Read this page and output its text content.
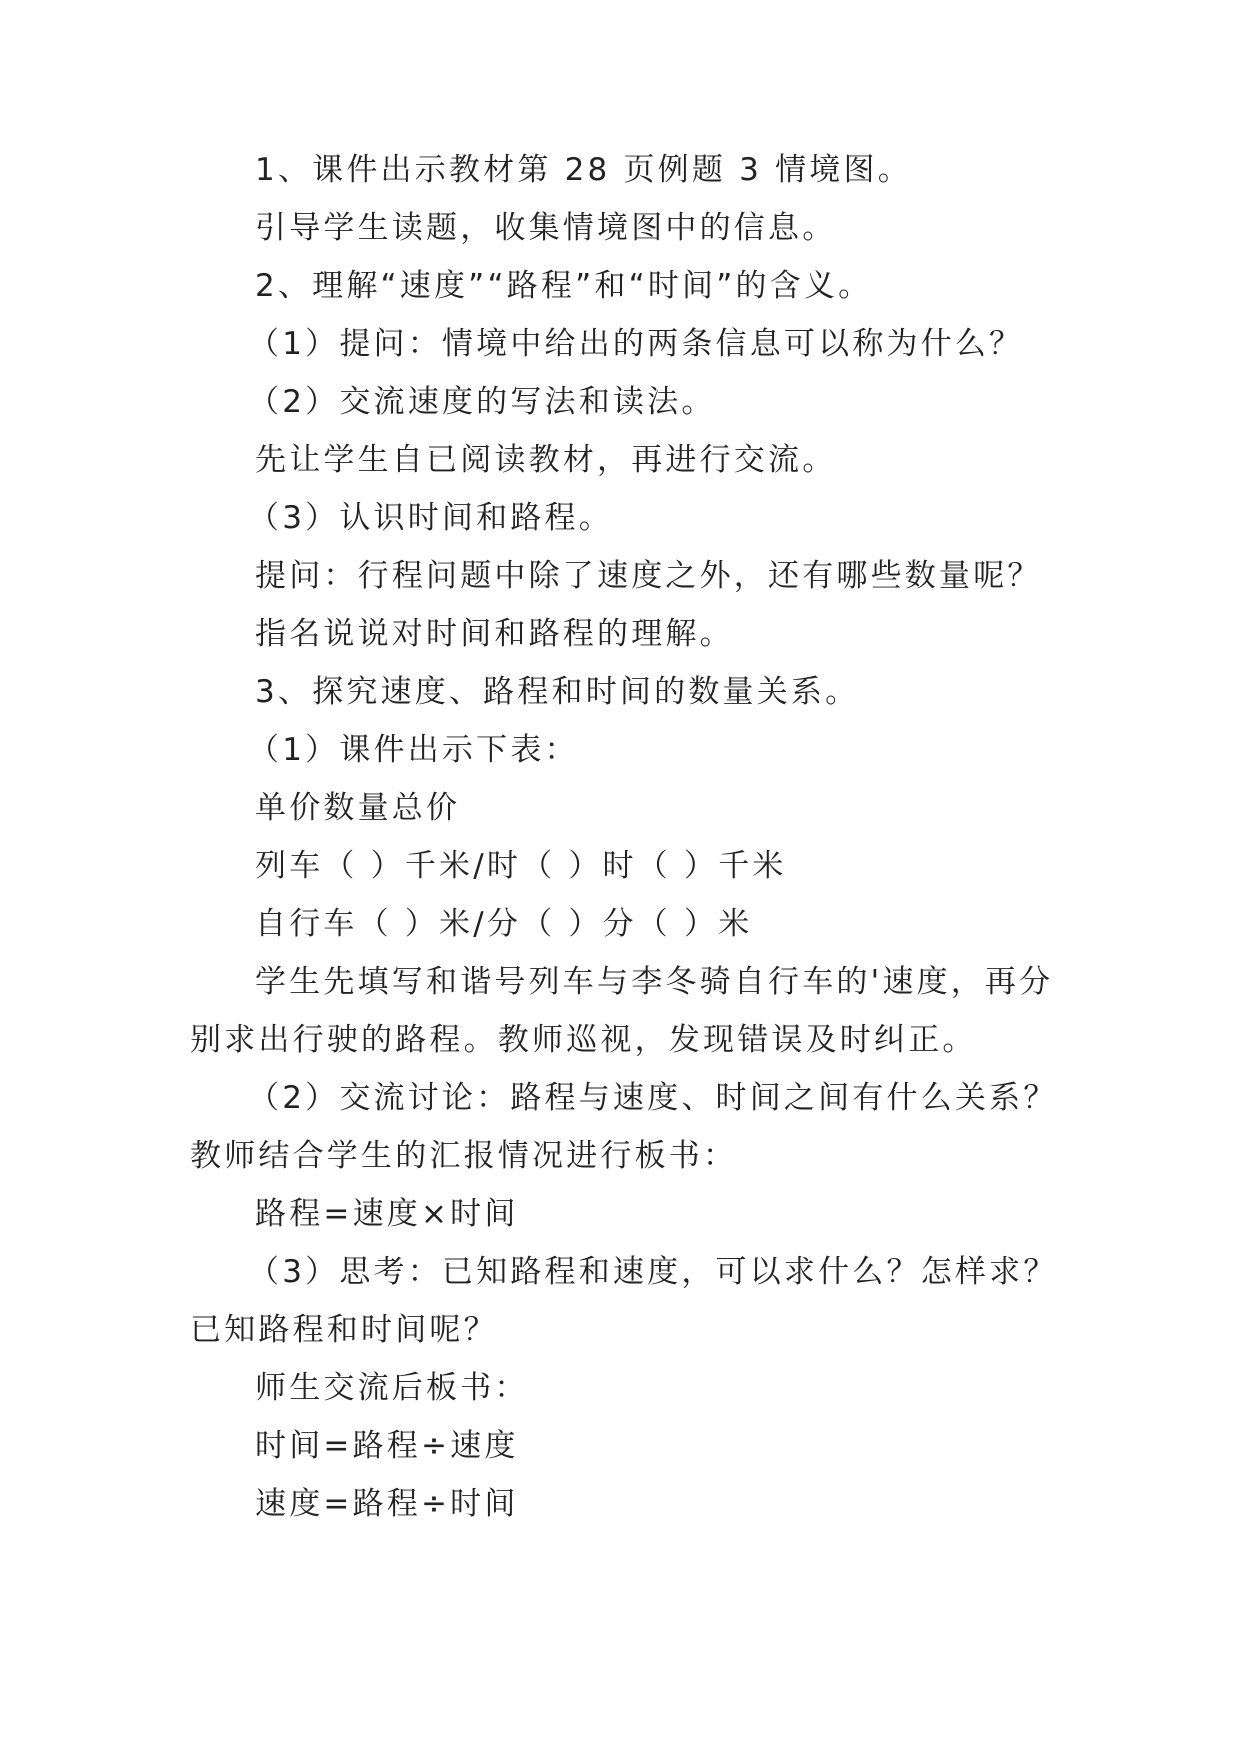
1、课件出示教材第 28 页例题 3 情境图。
引导学生读题，收集情境图中的信息。
2、理解“速度”“路程”和“时间”的含义。
（1）提问：情境中给出的两条信息可以称为什么？
（2）交流速度的写法和读法。
先让学生自已阅读教材，再进行交流。
（3）认识时间和路程。
提问：行程问题中除了速度之外，还有哪些数量呢？
指名说说对时间和路程的理解。
3、探究速度、路程和时间的数量关系。
（1）课件出示下表：
单价数量总价
列车（ ）千米/时（ ）时（ ）千米
自行车（ ）米/分（ ）分（ ）米
学生先填写和谐号列车与李冬骑自行车的'速度，再分
别求出行驶的路程。教师巡视，发现错误及时纠正。
（2）交流讨论：路程与速度、时间之间有什么关系？
教师结合学生的汇报情况进行板书：
路程=速度×时间
（3）思考：已知路程和速度，可以求什么？怎样求？
已知路程和时间呢？
师生交流后板书：
时间=路程÷速度
速度=路程÷时间
